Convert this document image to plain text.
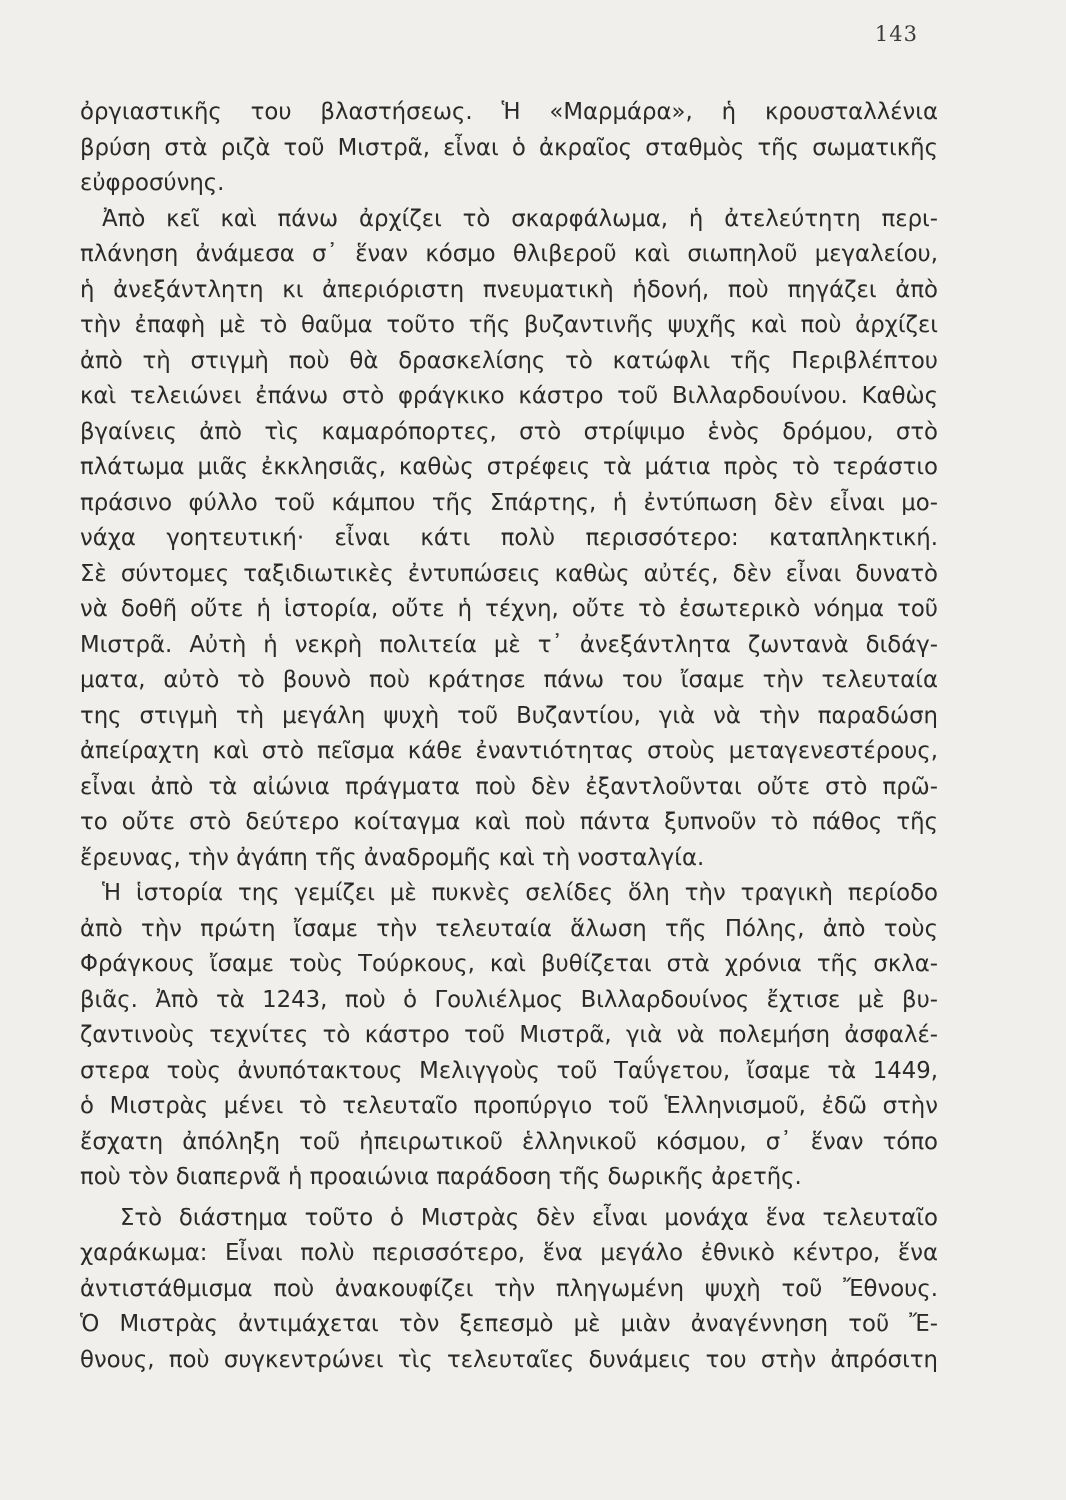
143
ὀργιαστικῆς του βλαστήσεως. Ἡ «Μαρμάρα», ἡ κρουσταλλένια
βρύση στὰ ριζὰ τοῦ Μιστρᾶ, εἶναι ὁ ἀκραῖος σταθμὸς τῆς σωματικῆς
εὐφροσύνης.
Ἀπὸ κεῖ καὶ πάνω ἀρχίζει τὸ σκαρφάλωμα, ἡ ἀτελεύτητη περι-
πλάνηση ἀνάμεσα σ᾿ ἕναν κόσμο θλιβεροῦ καὶ σιωπηλοῦ μεγαλείου,
ἡ ἀνεξάντλητη κι ἀπεριόριστη πνευματικὴ ἡδονή, ποὺ πηγάζει ἀπὸ
τὴν ἐπαφὴ μὲ τὸ θαῦμα τοῦτο τῆς βυζαντινῆς ψυχῆς καὶ ποὺ ἀρχίζει
ἀπὸ τὴ στιγμὴ ποὺ θὰ δρασκελίσης τὸ κατώφλι τῆς Περιβλέπτου
καὶ τελειώνει ἐπάνω στὸ φράγκικο κάστρο τοῦ Βιλλαρδουίνου. Καθὼς
βγαίνεις ἀπὸ τὶς καμαρόπορτες, στὸ στρίψιμο ἑνὸς δρόμου, στὸ
πλάτωμα μιᾶς ἐκκλησιᾶς, καθὼς στρέφεις τὰ μάτια πρὸς τὸ τεράστιο
πράσινο φύλλο τοῦ κάμπου τῆς Σπάρτης, ἡ ἐντύπωση δὲν εἶναι μο-
νάχα γοητευτική· εἶναι κάτι πολὺ περισσότερο: καταπληκτική.
Σὲ σύντομες ταξιδιωτικὲς ἐντυπώσεις καθὼς αὐτές, δὲν εἶναι δυνατὸ
νὰ δοθῆ οὔτε ἡ ἱστορία, οὔτε ἡ τέχνη, οὔτε τὸ ἐσωτερικὸ νόημα τοῦ
Μιστρᾶ. Αὐτὴ ἡ νεκρὴ πολιτεία μὲ τ᾿ ἀνεξάντλητα ζωντανὰ διδάγ-
ματα, αὐτὸ τὸ βουνὸ ποὺ κράτησε πάνω του ἴσαμε τὴν τελευταία
της στιγμὴ τὴ μεγάλη ψυχὴ τοῦ Βυζαντίου, γιὰ νὰ τὴν παραδώση
ἀπείραχτη καὶ στὸ πεῖσμα κάθε ἐναντιότητας στοὺς μεταγενεστέρους,
εἶναι ἀπὸ τὰ αἰώνια πράγματα ποὺ δὲν ἐξαντλοῦνται οὔτε στὸ πρῶ-
το οὔτε στὸ δεύτερο κοίταγμα καὶ ποὺ πάντα ξυπνοῦν τὸ πάθος τῆς
ἔρευνας, τὴν ἀγάπη τῆς ἀναδρομῆς καὶ τὴ νοσταλγία.
Ἡ ἱστορία της γεμίζει μὲ πυκνὲς σελίδες ὅλη τὴν τραγικὴ περίοδο
ἀπὸ τὴν πρώτη ἴσαμε τὴν τελευταία ἅλωση τῆς Πόλης, ἀπὸ τοὺς
Φράγκους ἴσαμε τοὺς Τούρκους, καὶ βυθίζεται στὰ χρόνια τῆς σκλα-
βιᾶς. Ἀπὸ τὰ 1243, ποὺ ὁ Γουλιέλμος Βιλλαρδουίνος ἔχτισε μὲ βυ-
ζαντινοὺς τεχνίτες τὸ κάστρο τοῦ Μιστρᾶ, γιὰ νὰ πολεμήση ἀσφαλέ-
στερα τοὺς ἀνυπότακτους Μελιγγοὺς τοῦ Ταΰγετου, ἴσαμε τὰ 1449,
ὁ Μιστρὰς μένει τὸ τελευταῖο προπύργιο τοῦ Ἑλληνισμοῦ, ἐδῶ στὴν
ἔσχατη ἀπόληξη τοῦ ἠπειρωτικοῦ ἑλληνικοῦ κόσμου, σ᾿ ἕναν τόπο
ποὺ τὸν διαπερνᾶ ἡ προαιώνια παράδοση τῆς δωρικῆς ἀρετῆς.
Στὸ διάστημα τοῦτο ὁ Μιστρὰς δὲν εἶναι μονάχα ἕνα τελευταῖο
χαράκωμα: Εἶναι πολὺ περισσότερο, ἕνα μεγάλο ἐθνικὸ κέντρο, ἕνα
ἀντιστάθμισμα ποὺ ἀνακουφίζει τὴν πληγωμένη ψυχὴ τοῦ Ἔθνους.
Ὁ Μιστρὰς ἀντιμάχεται τὸν ξεπεσμὸ μὲ μιὰν ἀναγέννηση τοῦ Ἔ-
θνους, ποὺ συγκεντρώνει τὶς τελευταῖες δυνάμεις του στὴν ἀπρόσιτη
